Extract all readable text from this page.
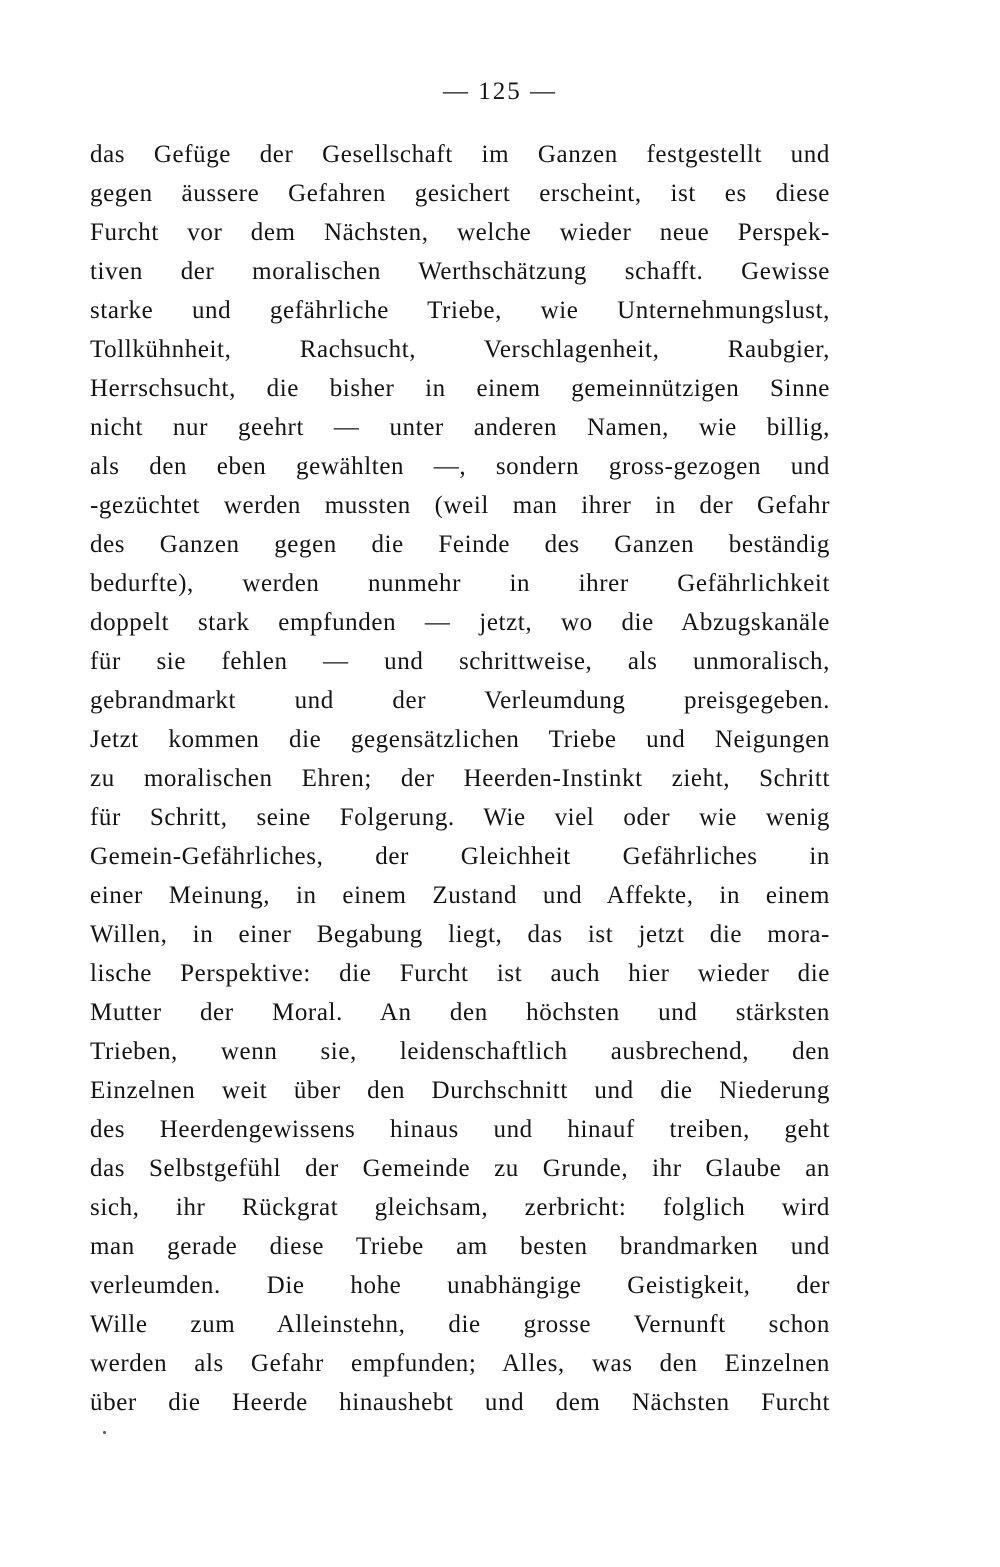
— 125 —
das Gefüge der Gesellschaft im Ganzen festgestellt und
gegen äussere Gefahren gesichert erscheint, ist es diese
Furcht vor dem Nächsten, welche wieder neue Perspek-
tiven der moralischen Werthschätzung schafft. Gewisse
starke und gefährliche Triebe, wie Unternehmungslust,
Tollkühnheit, Rachsucht, Verschlagenheit, Raubgier,
Herrschsucht, die bisher in einem gemeinnützigen Sinne
nicht nur geehrt — unter anderen Namen, wie billig,
als den eben gewählten —, sondern gross-gezogen und
-gezüchtet werden mussten (weil man ihrer in der Gefahr
des Ganzen gegen die Feinde des Ganzen beständig
bedurfte), werden nunmehr in ihrer Gefährlichkeit
doppelt stark empfunden — jetzt, wo die Abzugskanäle
für sie fehlen — und schrittweise, als unmoralisch,
gebrandmarkt und der Verleumdung preisgegeben.
Jetzt kommen die gegensätzlichen Triebe und Neigungen
zu moralischen Ehren; der Heerden-Instinkt zieht, Schritt
für Schritt, seine Folgerung. Wie viel oder wie wenig
Gemein-Gefährliches, der Gleichheit Gefährliches in
einer Meinung, in einem Zustand und Affekte, in einem
Willen, in einer Begabung liegt, das ist jetzt die mora-
lische Perspektive: die Furcht ist auch hier wieder die
Mutter der Moral. An den höchsten und stärksten
Trieben, wenn sie, leidenschaftlich ausbrechend, den
Einzelnen weit über den Durchschnitt und die Niederung
des Heerdengewissens hinaus und hinauf treiben, geht
das Selbstgefühl der Gemeinde zu Grunde, ihr Glaube an
sich, ihr Rückgrat gleichsam, zerbricht: folglich wird
man gerade diese Triebe am besten brandmarken und
verleumden. Die hohe unabhängige Geistigkeit, der
Wille zum Alleinstehn, die grosse Vernunft schon
werden als Gefahr empfunden; Alles, was den Einzelnen
über die Heerde hinaushebt und dem Nächsten Furcht
